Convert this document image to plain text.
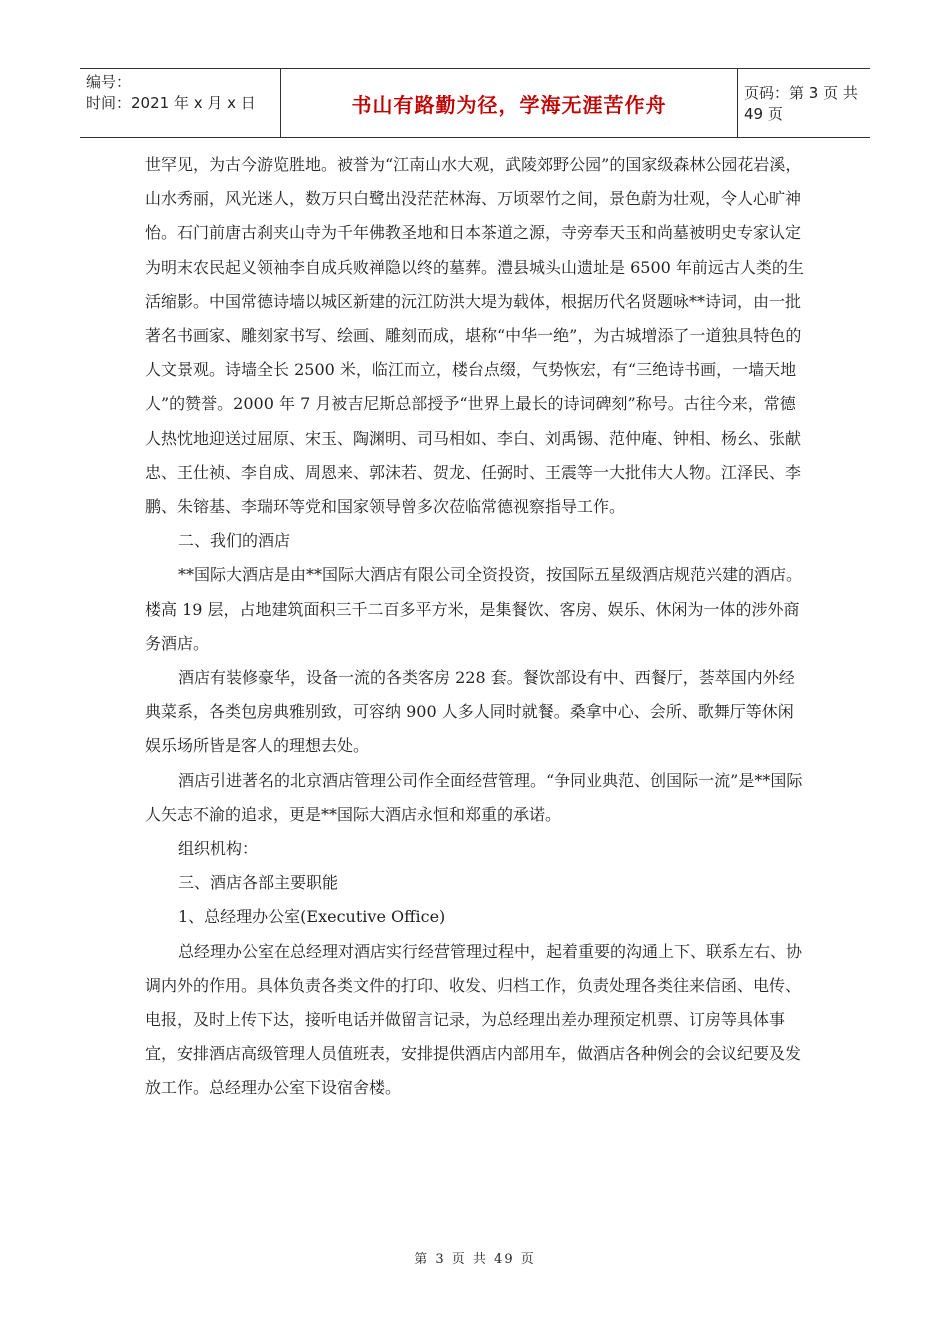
编号：
时间：2021 年 x 月 x 日	书山有路勤为径，学海无涯苦作舟	页码：第 3 页 共 49 页

世罕见，为古今游览胜地。被誉为“江南山水大观，武陵郊野公园”的国家级森林公园花岩溪，山水秀丽，风光迷人，数万只白鹭出没茫茫林海、万顷翠竹之间，景色蔚为壮观，令人心旷神怡。石门前唐古刹夹山寺为千年佛教圣地和日本茶道之源，寺旁奉天玉和尚墓被明史专家认定为明末农民起义领袖李自成兵败禅隐以终的墓葬。澧县城头山遗址是 6500 年前远古人类的生活缩影。中国常德诗墙以城区新建的沅江防洪大堤为载体，根据历代名贤题咏**诗词，由一批著名书画家、雕刻家书写、绘画、雕刻而成，堪称“中华一绝”，为古城增添了一道独具特色的人文景观。诗墙全长 2500 米，临江而立，楼台点缀，气势恢宏，有“三绝诗书画，一墙天地人”的赞誉。2000 年 7 月被吉尼斯总部授予“世界上最长的诗词碑刻”称号。古往今来，常德人热忱地迎送过屈原、宋玉、陶渊明、司马相如、李白、刘禹锡、范仲庵、钟相、杨幺、张献忠、王仕祯、李自成、周恩来、郭沫若、贺龙、任弼时、王震等一大批伟大人物。江泽民、李鹏、朱镕基、李瑞环等党和国家领导曾多次莅临常德视察指导工作。

二、我们的酒店

**国际大酒店是由**国际大酒店有限公司全资投资，按国际五星级酒店规范兴建的酒店。楼高 19 层，占地建筑面积三千二百多平方米，是集餐饮、客房、娱乐、休闲为一体的涉外商务酒店。

酒店有装修豪华，设备一流的各类客房 228 套。餐饮部设有中、西餐厅，荟萃国内外经典菜系，各类包房典雅别致，可容纳 900 人多人同时就餐。桑拿中心、会所、歌舞厅等休闲娱乐场所皆是客人的理想去处。

酒店引进著名的北京酒店管理公司作全面经营管理。“争同业典范、创国际一流”是**国际人矢志不渝的追求，更是**国际大酒店永恒和郑重的承诺。

组织机构：

三、酒店各部主要职能

1、总经理办公室(Executive Office)

总经理办公室在总经理对酒店实行经营管理过程中，起着重要的沟通上下、联系左右、协调内外的作用。具体负责各类文件的打印、收发、归档工作，负责处理各类往来信函、电传、电报，及时上传下达，接听电话并做留言记录，为总经理出差办理预定机票、订房等具体事宜，安排酒店高级管理人员值班表，安排提供酒店内部用车，做酒店各种例会的会议纪要及发放工作。总经理办公室下设宿舍楼。

第 3 页 共 49 页
